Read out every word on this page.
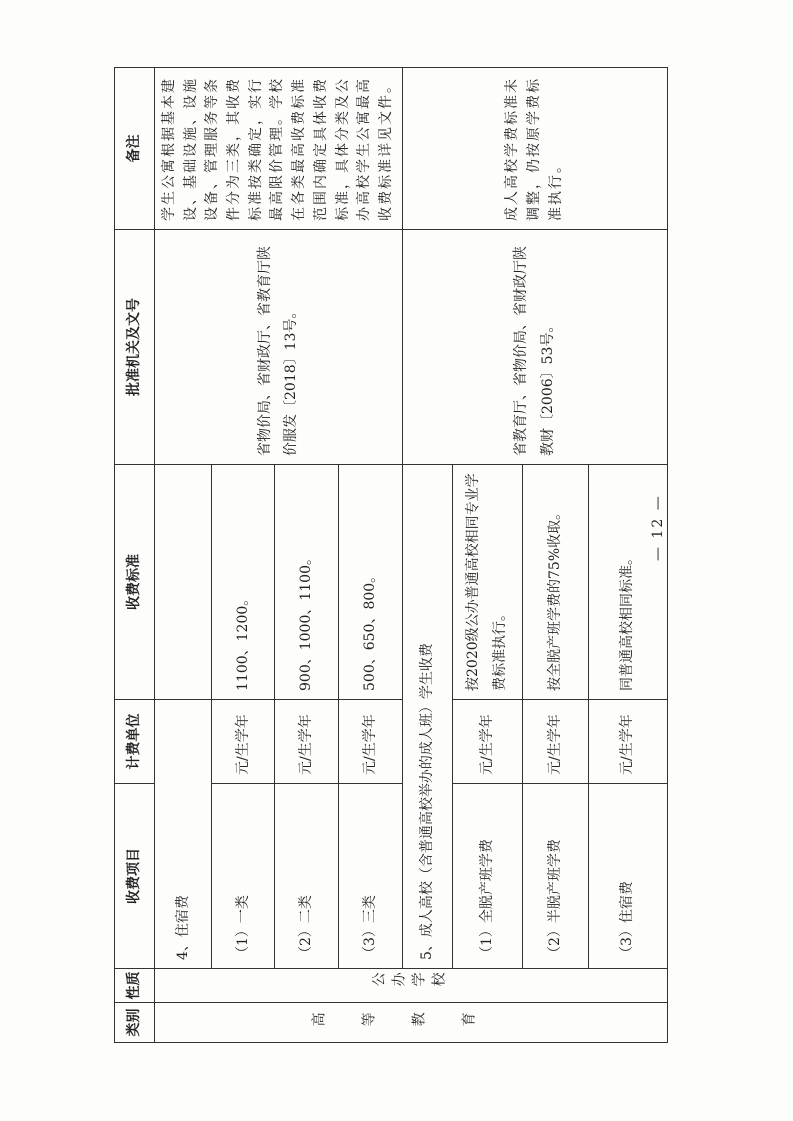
类别	性质	收费项目	计费单位	收费标准	批准机关及文号	备注

高等教育	公办学校	4、住宿费			省物价局、省财政厅、省教育厅陕价服发〔2018〕13号。	学生公寓根据基本建设、基础设施、设施设备、管理服务等条件分为三类，其收费标准按类确定，实行最高限价管理。学校在各类最高收费标准范围内确定具体收费标准，具体分类及公办高校学生公寓最高收费标准详见文件。
		（1）一类	元/生学年	1100、1200。		
		（2）二类	元/生学年	900、1000、1100。		
		（3）三类	元/生学年	500、650、800。		
		5、成人高校（含普通高校举办的成人班）学生收费			省教育厅、省物价局、省财政厅陕教财〔2006〕53号。	成人高校学费标准未调整，仍按原学费标准执行。
		（1）全脱产班学费	元/生学年	按2020级公办普通高校相同专业学费标准执行。		
		（2）半脱产班学费	元/生学年	按全脱产班学费的75%收取。		
		（3）住宿费	元/生学年	同普通高校相同标准。		

— 12 —
